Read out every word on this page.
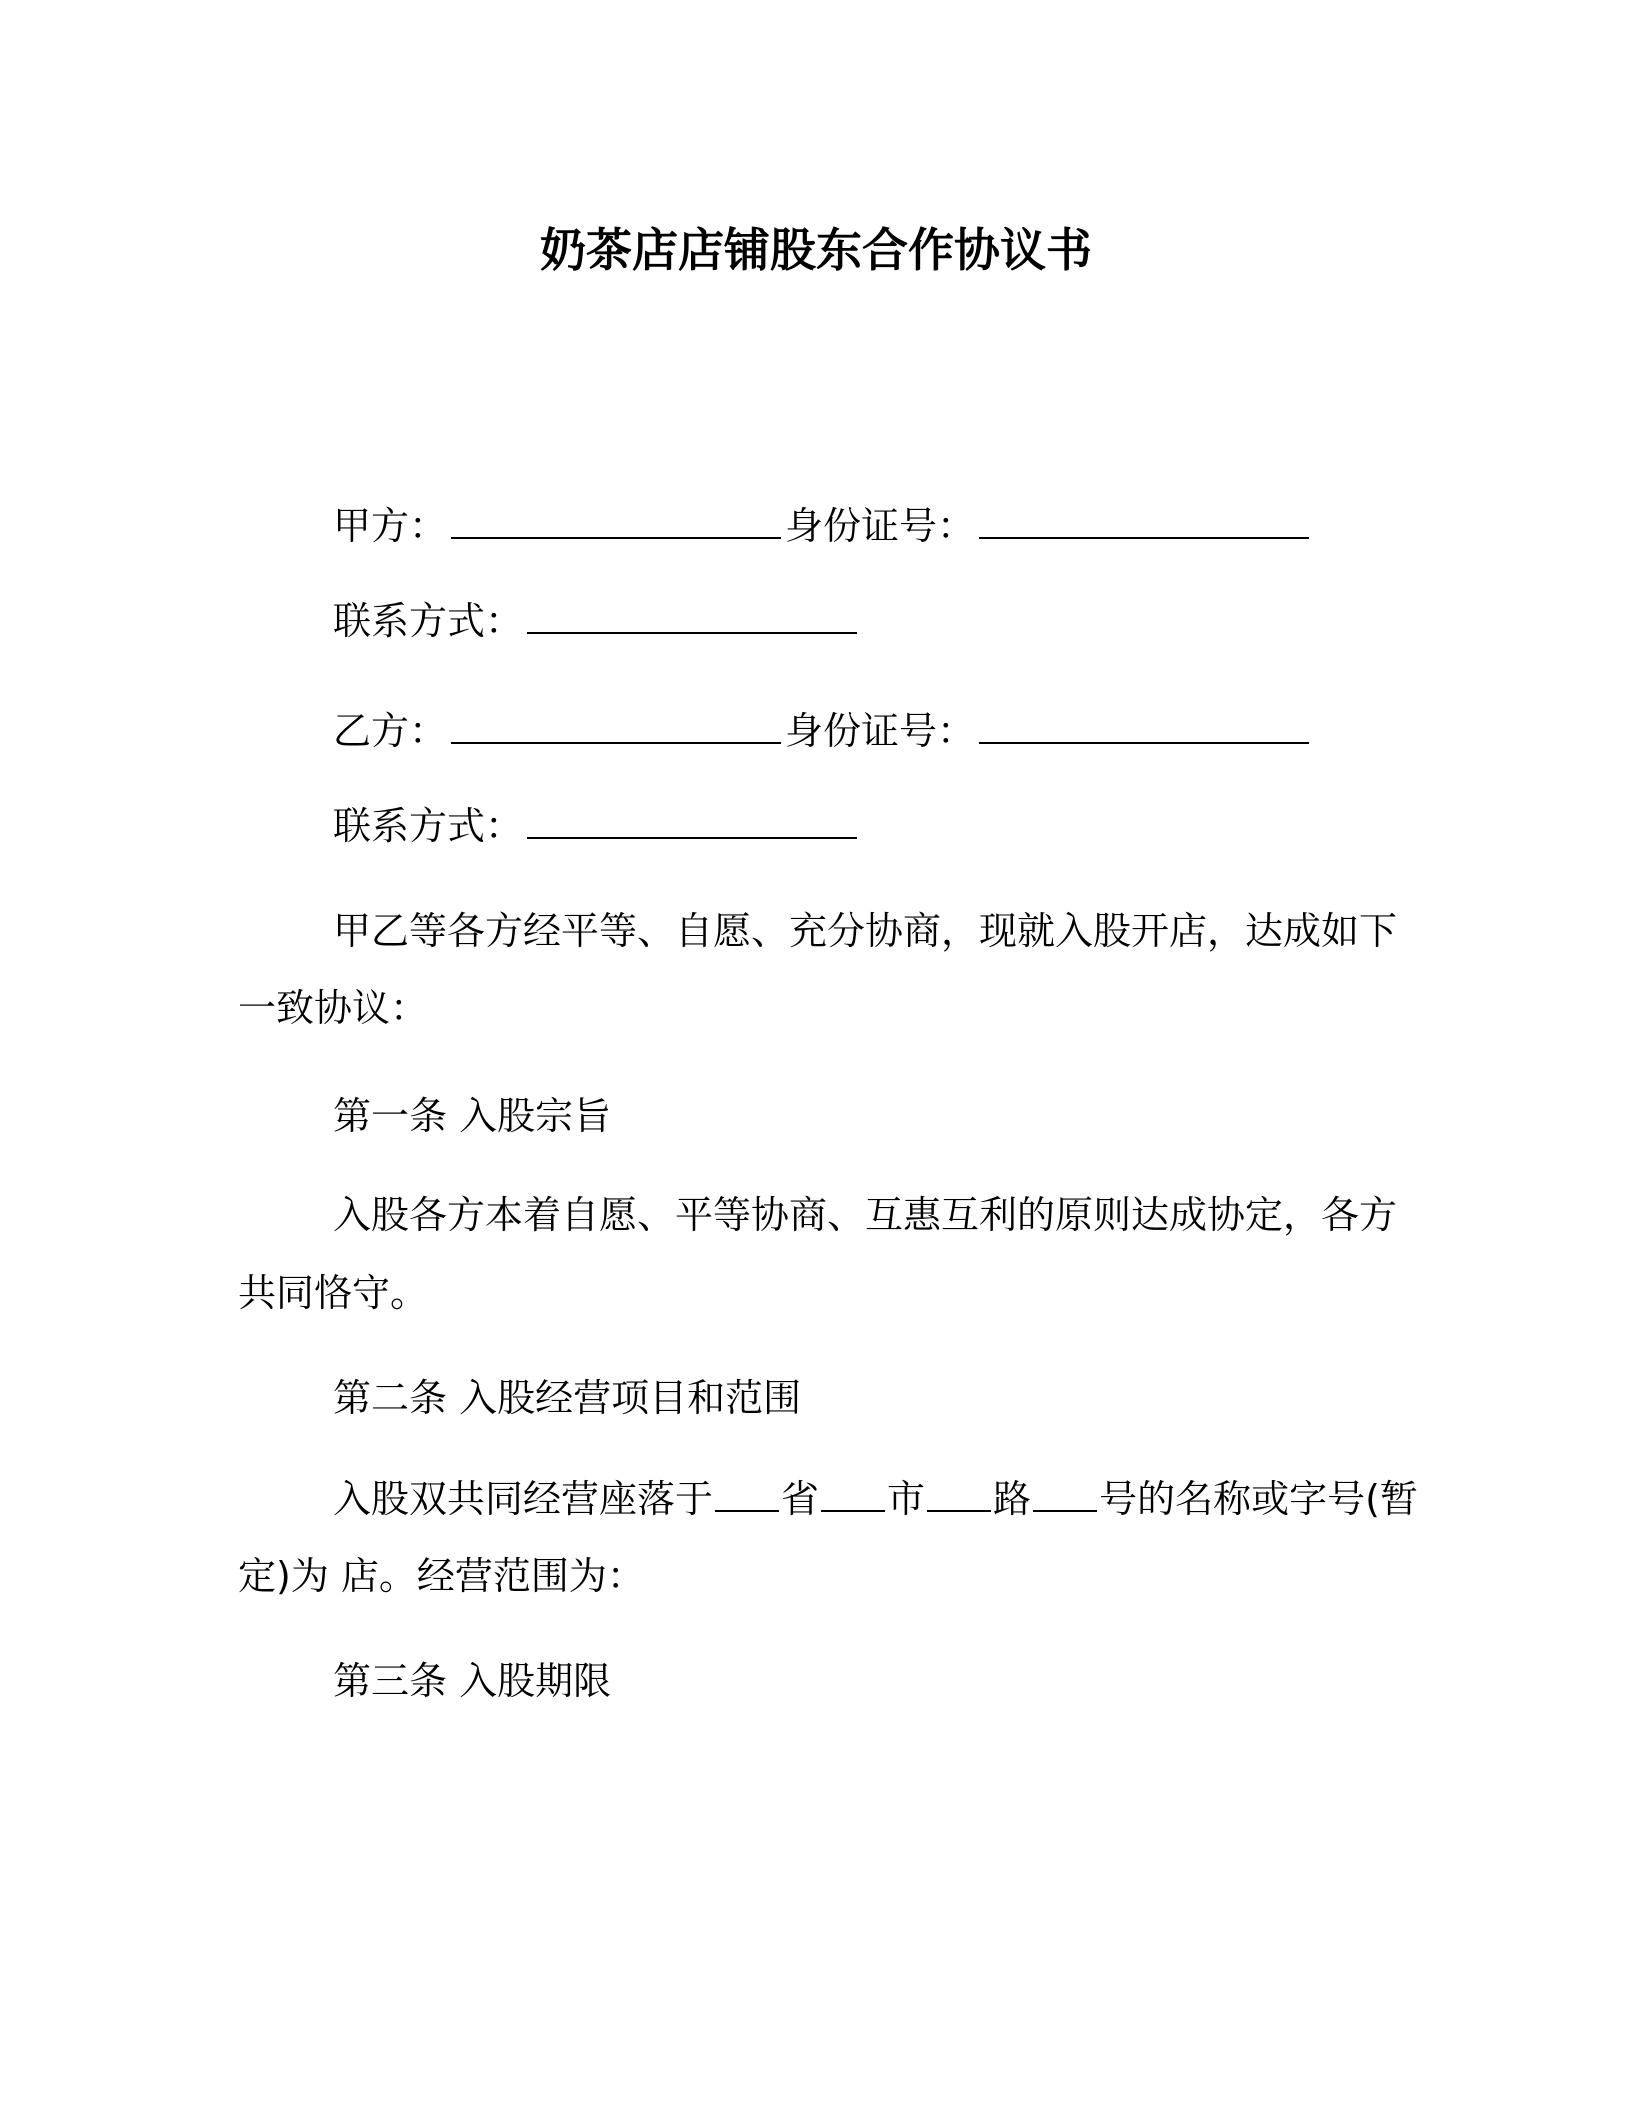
奶茶店店铺股东合作协议书
甲方：	身份证号：
联系方式：
乙方：	身份证号：
联系方式：
甲乙等各方经平等、自愿、充分协商，现就入股开店，达成如下
一致协议：
第一条 入股宗旨
入股各方本着自愿、平等协商、互惠互利的原则达成协定，各方
共同恪守。
第二条 入股经营项目和范围
入股双共同经营座落于 省 市 路 号的名称或字号(暂
定)为 店。经营范围为：
第三条 入股期限
